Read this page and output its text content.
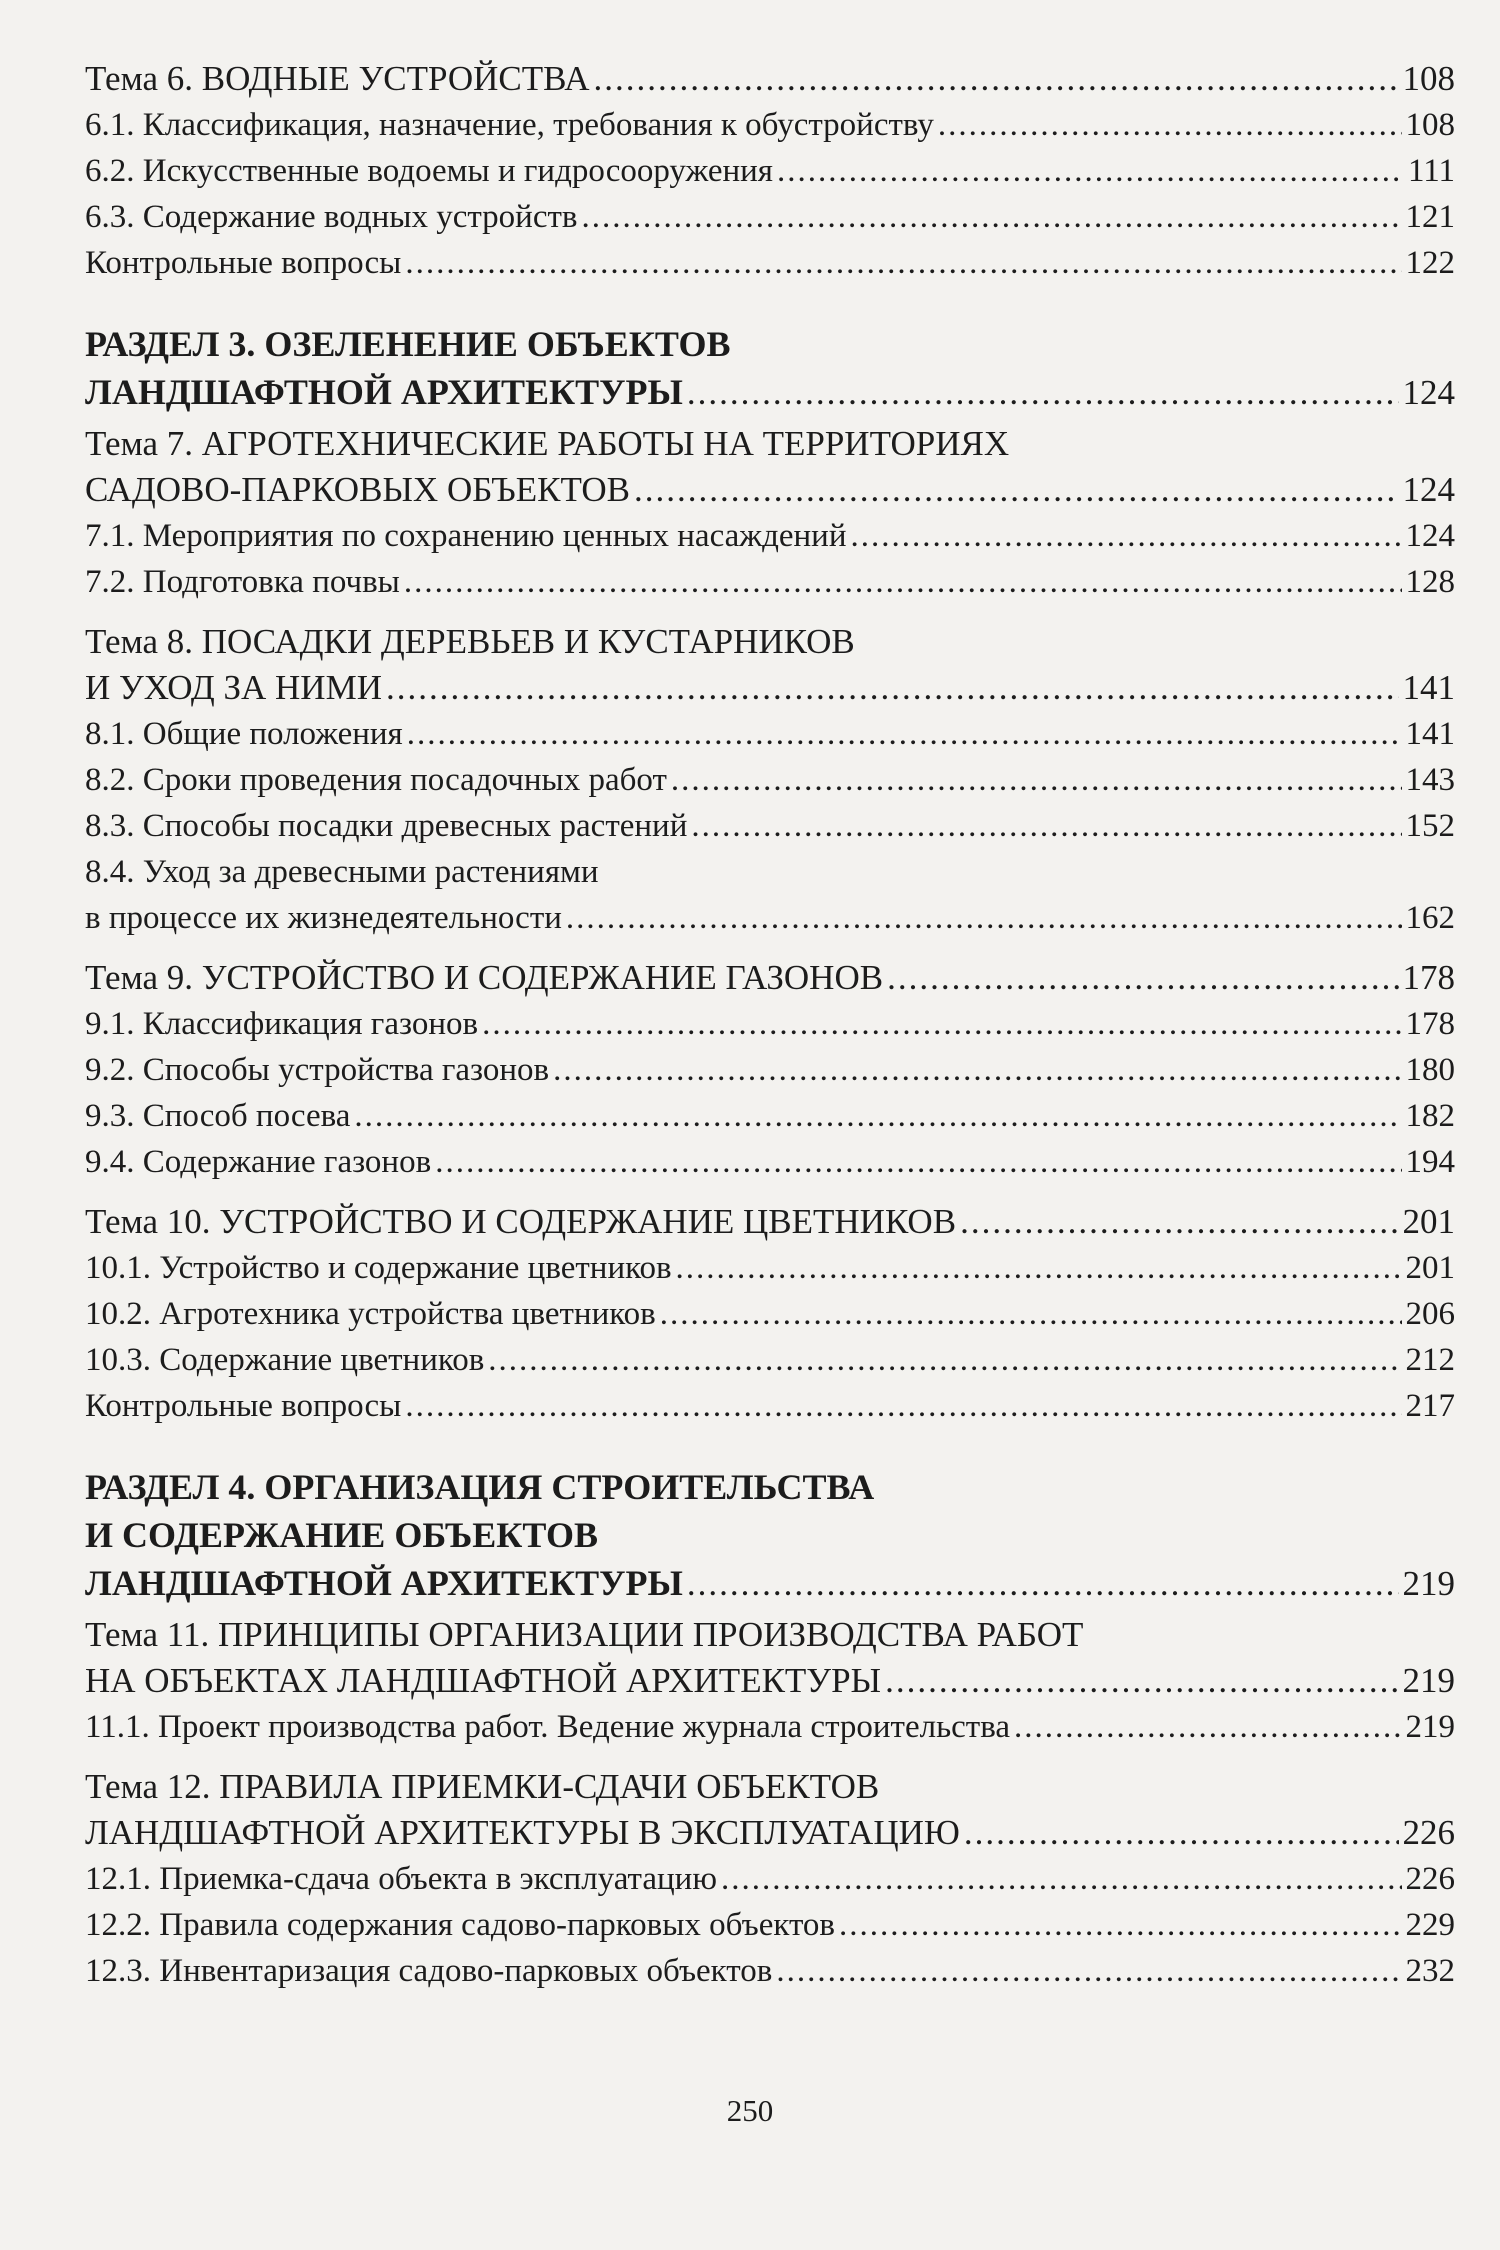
Тема 6. ВОДНЫЕ УСТРОЙСТВА .....	108
6.1. Классификация, назначение, требования к обустройству .....	108
6.2. Искусственные водоемы и гидросооружения .....	111
6.3. Содержание водных устройств .....	121
Контрольные вопросы .....	122
РАЗДЕЛ 3. ОЗЕЛЕНЕНИЕ ОБЪЕКТОВ
ЛАНДШАФТНОЙ АРХИТЕКТУРЫ .....	124
Тема 7. АГРОТЕХНИЧЕСКИЕ РАБОТЫ НА ТЕРРИТОРИЯХ
САДОВО-ПАРКОВЫХ ОБЪЕКТОВ .....	124
7.1. Мероприятия по сохранению ценных насаждений .....	124
7.2. Подготовка почвы .....	128
Тема 8. ПОСАДКИ ДЕРЕВЬЕВ И КУСТАРНИКОВ
И УХОД ЗА НИМИ .....	141
8.1. Общие положения .....	141
8.2. Сроки проведения посадочных работ .....	143
8.3. Способы посадки древесных растений .....	152
8.4. Уход за древесными растениями
в процессе их жизнедеятельности .....	162
Тема 9. УСТРОЙСТВО И СОДЕРЖАНИЕ ГАЗОНОВ .....	178
9.1. Классификация газонов .....	178
9.2. Способы устройства газонов .....	180
9.3. Способ посева .....	182
9.4. Содержание газонов .....	194
Тема 10. УСТРОЙСТВО И СОДЕРЖАНИЕ ЦВЕТНИКОВ .....	201
10.1. Устройство и содержание цветников .....	201
10.2. Агротехника устройства цветников .....	206
10.3. Содержание цветников .....	212
Контрольные вопросы .....	217
РАЗДЕЛ 4. ОРГАНИЗАЦИЯ СТРОИТЕЛЬСТВА
И СОДЕРЖАНИЕ ОБЪЕКТОВ
ЛАНДШАФТНОЙ АРХИТЕКТУРЫ .....	219
Тема 11. ПРИНЦИПЫ ОРГАНИЗАЦИИ ПРОИЗВОДСТВА РАБОТ
НА ОБЪЕКТАХ ЛАНДШАФТНОЙ АРХИТЕКТУРЫ .....	219
11.1. Проект производства работ. Ведение журнала строительства .....	219
Тема 12. ПРАВИЛА ПРИЕМКИ-СДАЧИ ОБЪЕКТОВ
ЛАНДШАФТНОЙ АРХИТЕКТУРЫ В ЭКСПЛУАТАЦИЮ .....	226
12.1. Приемка-сдача объекта в эксплуатацию .....	226
12.2. Правила содержания садово-парковых объектов .....	229
12.3. Инвентаризация садово-парковых объектов .....	232
250
